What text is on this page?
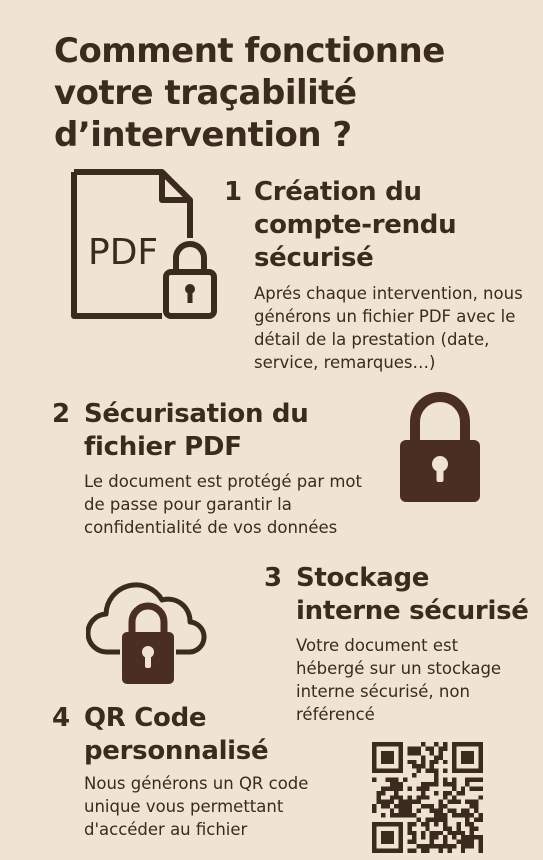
Comment fonctionne votre traçabilité d’intervention ?
PDF
1 Création du compte-rendu sécurisé
Aprés chaque intervention, nous générons un fichier PDF avec le détail de la prestation (date, service, remarques…)
2 Sécurisation du fichier PDF
Le document est protégé par mot de passe pour garantir la confidentialité de vos données
3 Stockage interne sécurisé
Votre document est hébergé sur un stockage interne sécurisé, non référencé
4 QR Code personnalisé
Nous générons un QR code unique vous permettant d'accéder au fichier
